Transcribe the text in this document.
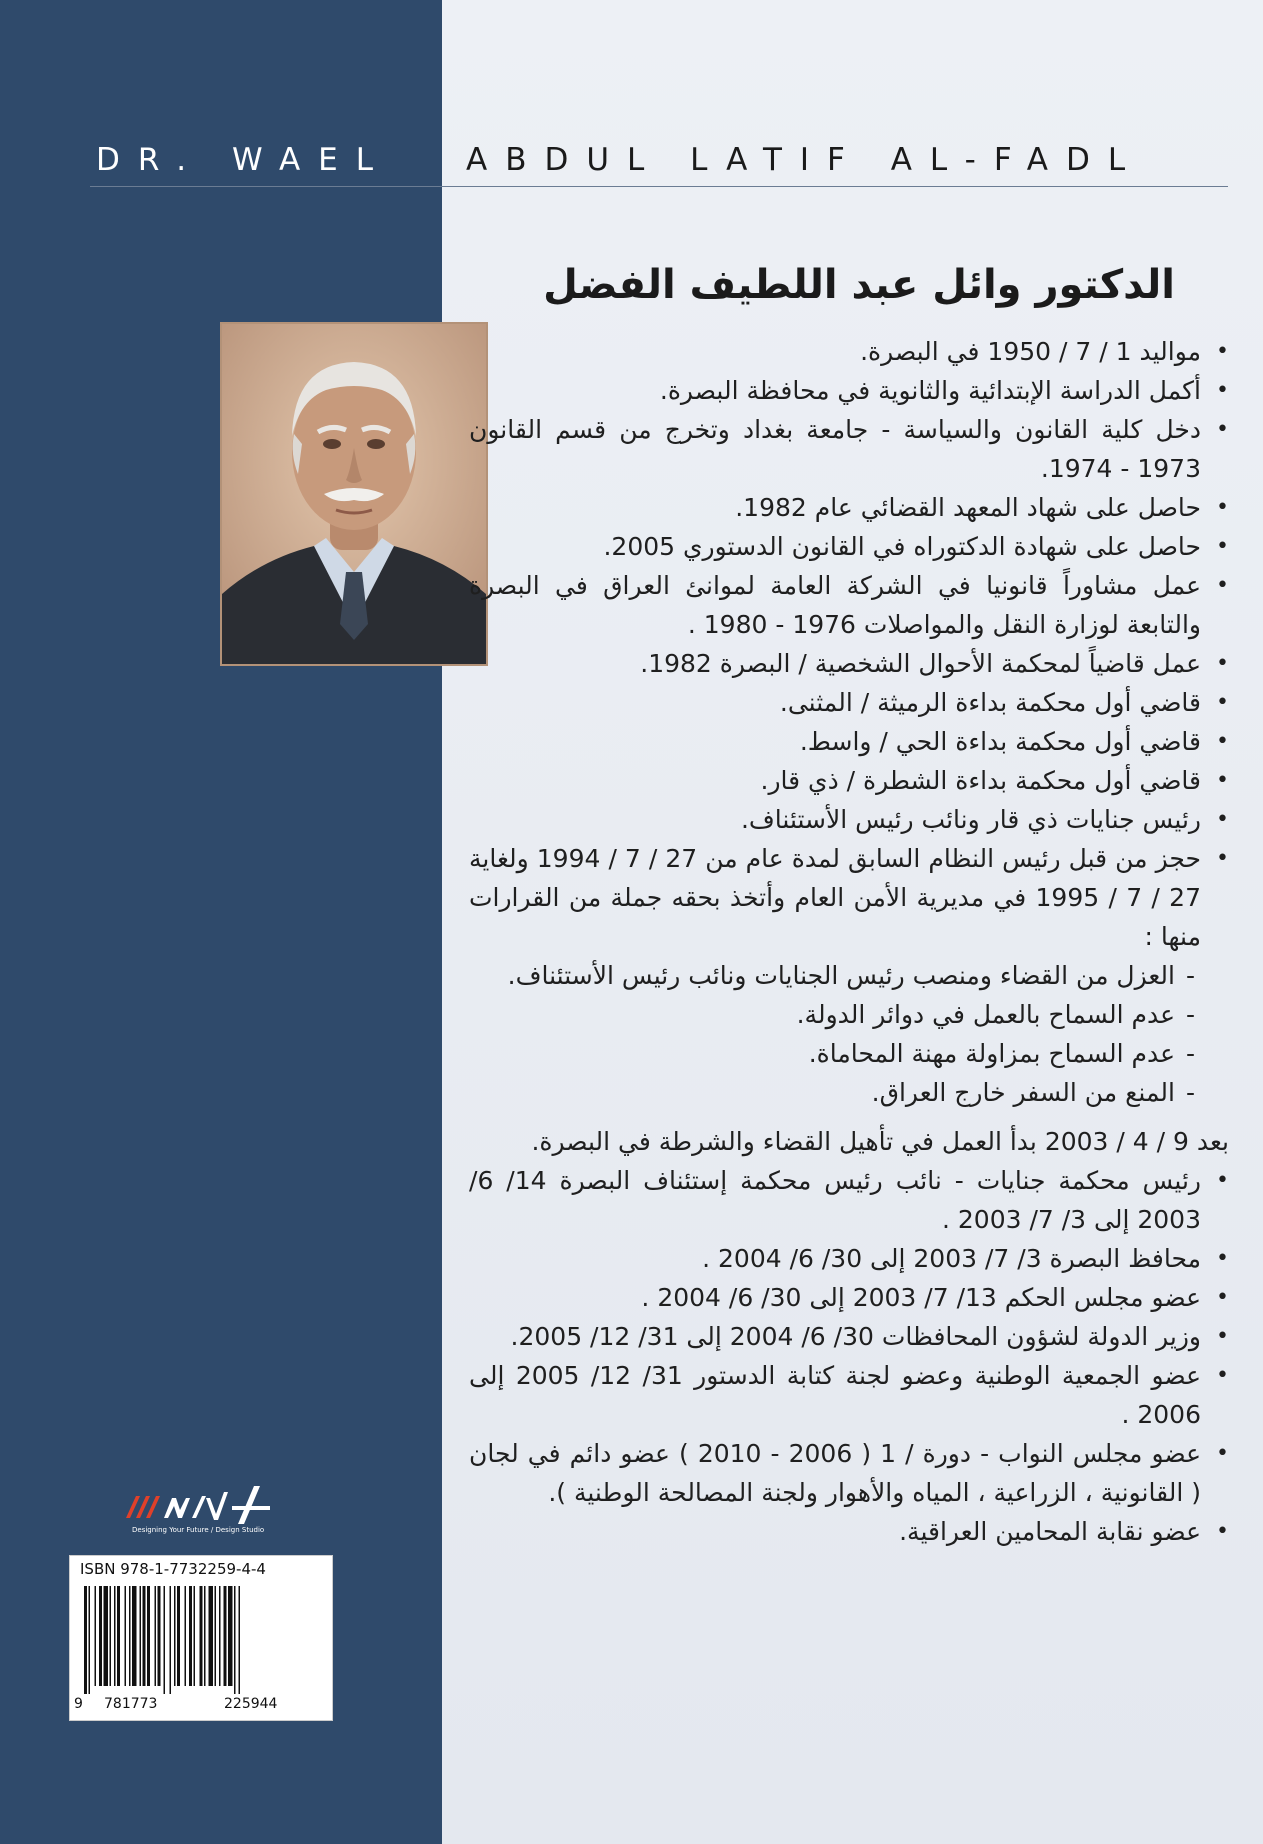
DR. WAEL ABDUL LATIF AL-FADL
الدكتور وائل عبد اللطيف الفضل
•
مواليد 1 / 7 / 1950 في البصرة.
•
أكمل الدراسة الإبتدائية والثانوية في محافظة البصرة.
•
دخل كلية القانون والسياسة - جامعة بغداد وتخرج من قسم القانون 1973 - 1974.
•
حاصل على شهاد المعهد القضائي عام 1982.
•
حاصل على شهادة الدكتوراه في القانون الدستوري 2005.
•
عمل مشاوراً قانونيا في الشركة العامة لموانئ العراق في البصرة والتابعة لوزارة النقل والمواصلات 1976 - 1980 .
•
عمل قاضياً لمحكمة الأحوال الشخصية / البصرة 1982.
•
قاضي أول محكمة بداءة الرميثة / المثنى.
•
قاضي أول محكمة بداءة الحي / واسط.
•
قاضي أول محكمة بداءة الشطرة / ذي قار.
•
رئيس جنايات ذي قار ونائب رئيس الأستئناف.
•
حجز من قبل رئيس النظام السابق لمدة عام من 27 / 7 / 1994 ولغاية 27 / 7 / 1995 في مديرية الأمن العام وأتخذ بحقه جملة من القرارات منها :
-
العزل من القضاء ومنصب رئيس الجنايات ونائب رئيس الأستئناف.
-
عدم السماح بالعمل في دوائر الدولة.
-
عدم السماح بمزاولة مهنة المحاماة.
-
المنع من السفر خارج العراق.
بعد 9 / 4 / 2003 بدأ العمل في تأهيل القضاء والشرطة في البصرة.
•
رئيس محكمة جنايات - نائب رئيس محكمة إستئناف البصرة 14/ 6/ 2003 إلى 3/ 7/ 2003 .
•
محافظ البصرة 3/ 7/ 2003 إلى 30/ 6/ 2004 .
•
عضو مجلس الحكم 13/ 7/ 2003 إلى 30/ 6/ 2004 .
•
وزير الدولة لشؤون المحافظات 30/ 6/ 2004 إلى 31/ 12/ 2005.
•
عضو الجمعية الوطنية وعضو لجنة كتابة الدستور 31/ 12/ 2005 إلى 2006 .
•
عضو مجلس النواب - دورة / 1 ( 2006 - 2010 ) عضو دائم في لجان ( القانونية ، الزراعية ، المياه والأهوار ولجنة المصالحة الوطنية ).
•
عضو نقابة المحامين العراقية.
Designing Your Future / Design Studio
ISBN 978-1-7732259-4-4
9 781773	225944
